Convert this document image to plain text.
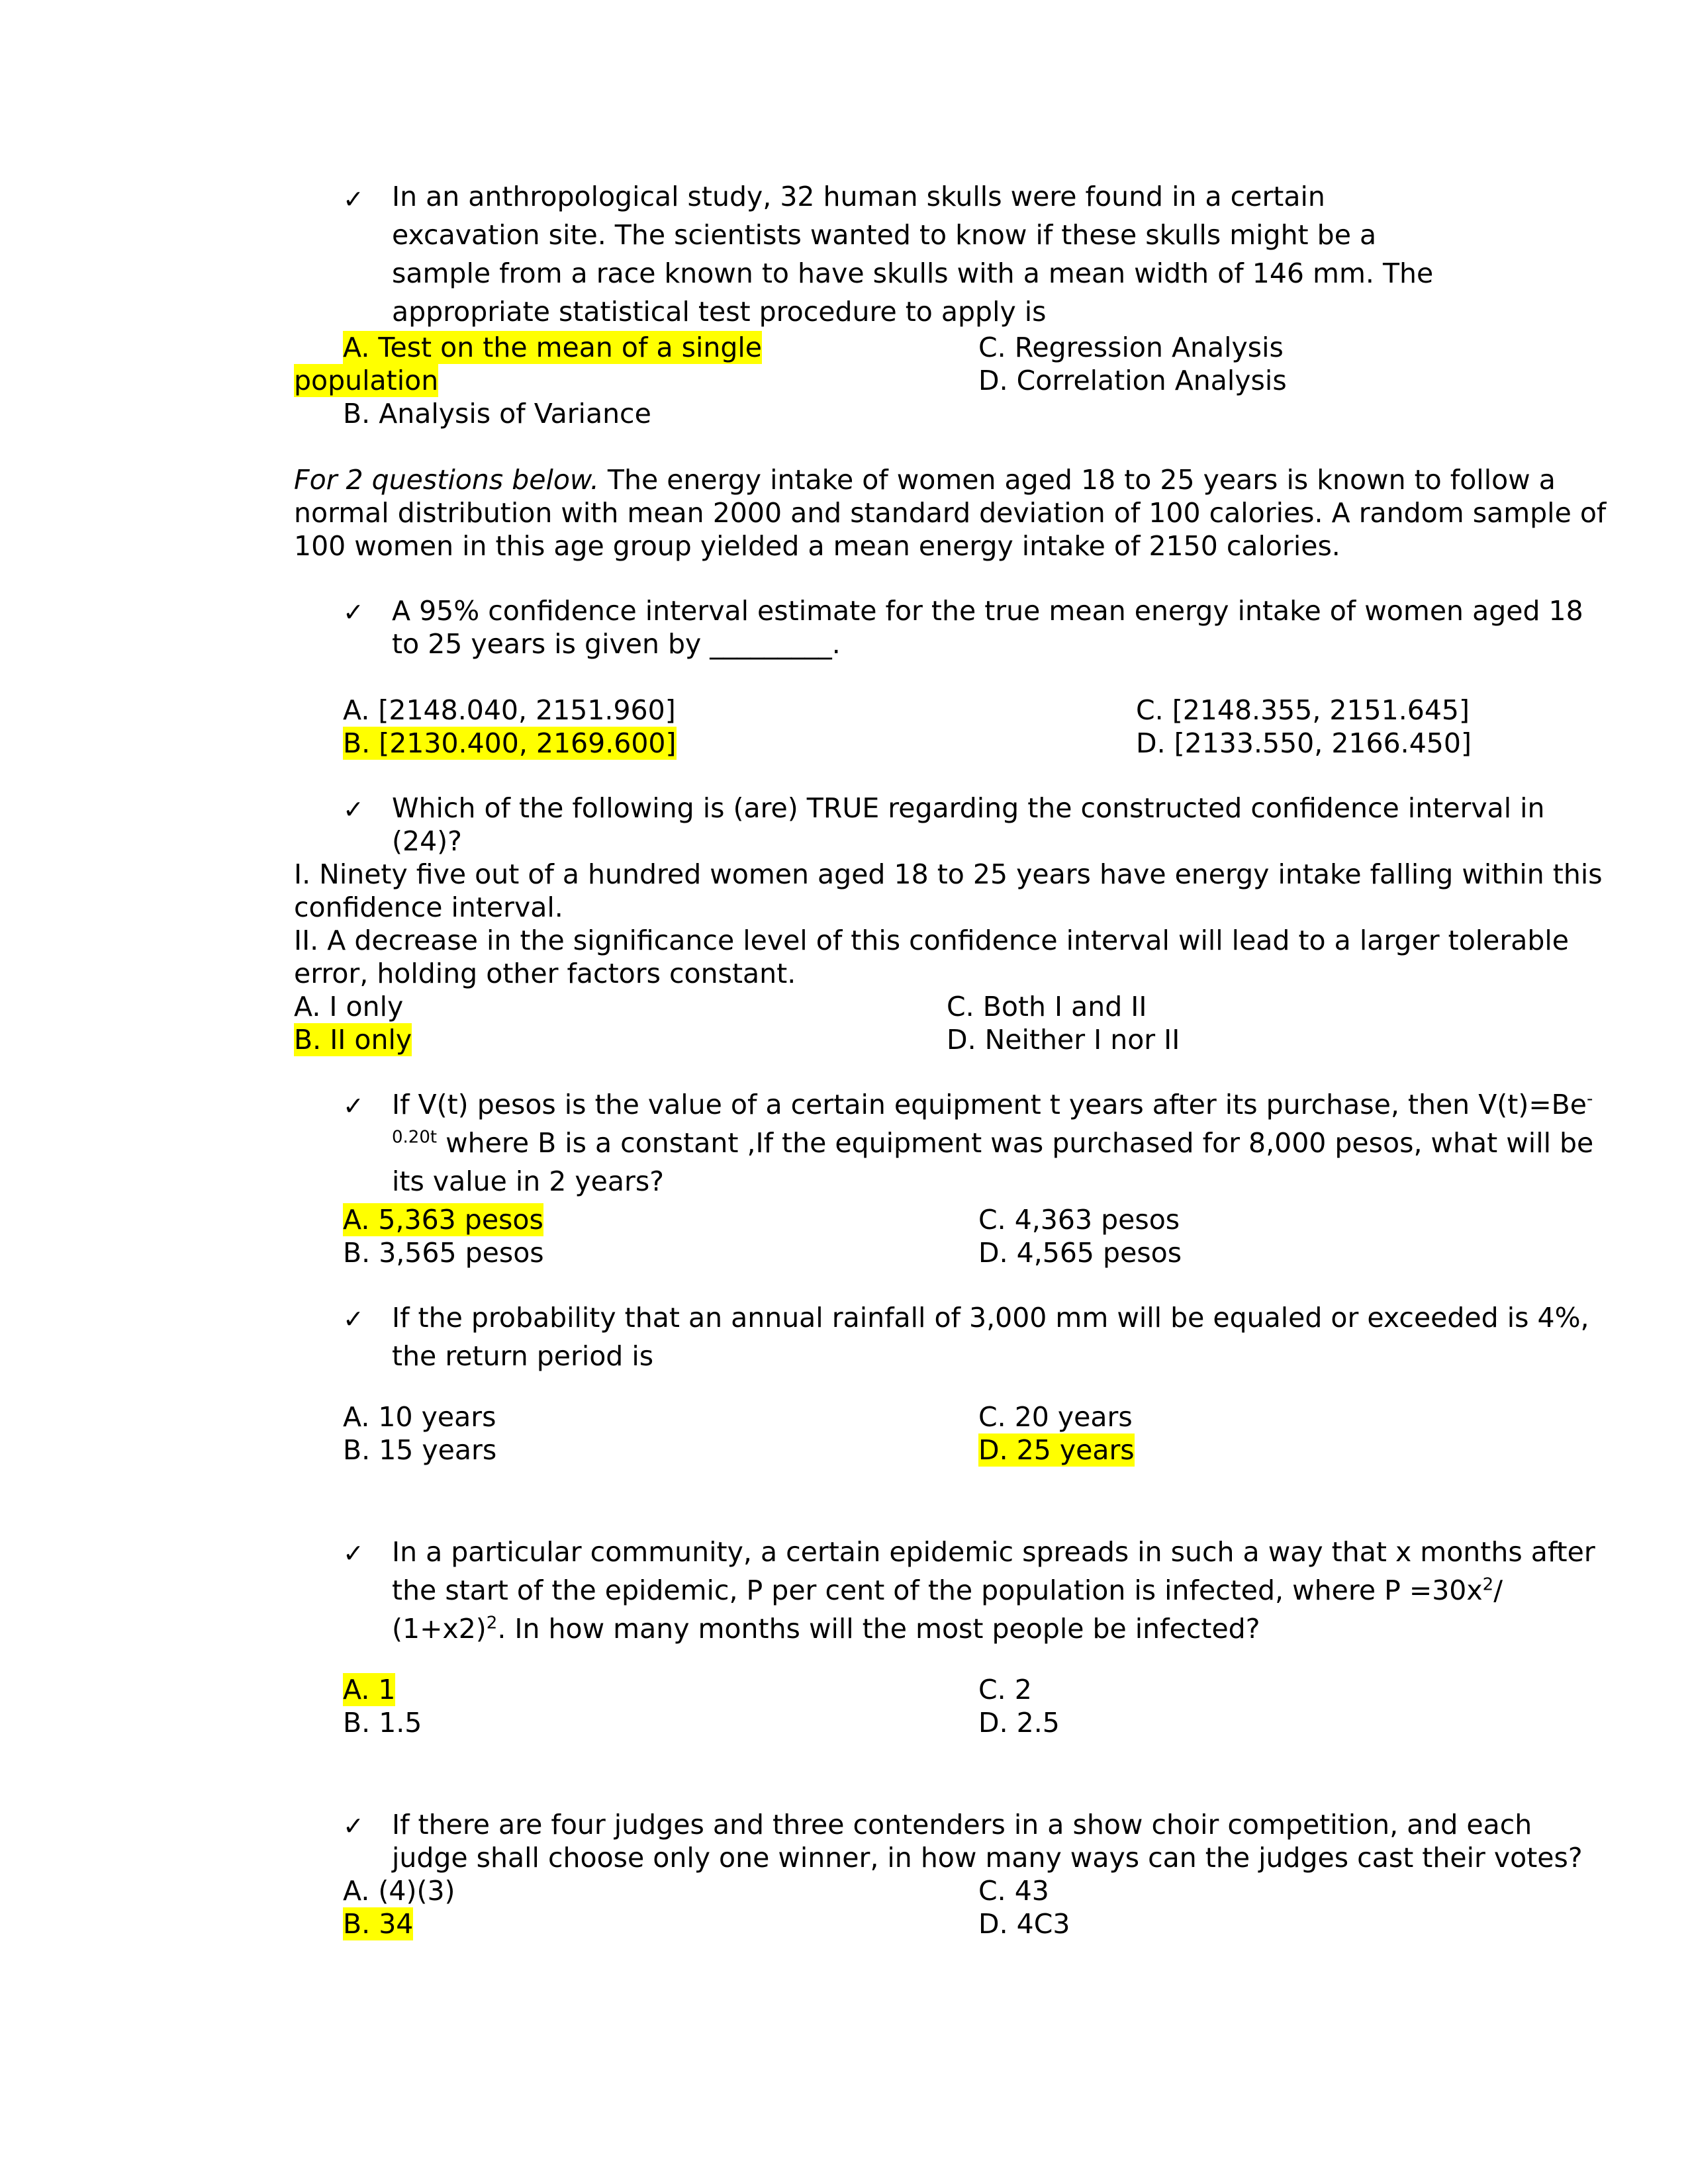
✓ In an anthropological study, 32 human skulls were found in a certain excavation site. The scientists wanted to know if these skulls might be a sample from a race known to have skulls with a mean width of 146 mm. The appropriate statistical test procedure to apply is
A. Test on the mean of a single
population
B. Analysis of Variance
C. Regression Analysis
D. Correlation Analysis
For 2 questions below. The energy intake of women aged 18 to 25 years is known to follow a
normal distribution with mean 2000 and standard deviation of 100 calories. A random sample of
100 women in this age group yielded a mean energy intake of 2150 calories.
✓ A 95% confidence interval estimate for the true mean energy intake of women aged 18
to 25 years is given by _________.
A. [2148.040, 2151.960]
B. [2130.400, 2169.600]
C. [2148.355, 2151.645]
D. [2133.550, 2166.450]
✓ Which of the following is (are) TRUE regarding the constructed confidence interval in
(24)?
I. Ninety five out of a hundred women aged 18 to 25 years have energy intake falling within this
confidence interval.
II. A decrease in the significance level of this confidence interval will lead to a larger tolerable
error, holding other factors constant.
A. I only
B. II only
C. Both I and II
D. Neither I nor II
✓ If V(t) pesos is the value of a certain equipment t years after its purchase, then V(t)=Be-
$^{0.20t}$ where B is a constant ,If the equipment was purchased for 8,000 pesos, what will be
its value in 2 years?
A. 5,363 pesos
B. 3,565 pesos
C. 4,363 pesos
D. 4,565 pesos
✓ If the probability that an annual rainfall of 3,000 mm will be equaled or exceeded is 4%,
the return period is
A. 10 years
B. 15 years
C. 20 years
D. 25 years
✓ In a particular community, a certain epidemic spreads in such a way that x months after
the start of the epidemic, P per cent of the population is infected, where $P =30x^2/$
$(1+x2)^2$. In how many months will the most people be infected?
A. 1
B. 1.5
C. 2
D. 2.5
✓ If there are four judges and three contenders in a show choir competition, and each
judge shall choose only one winner, in how many ways can the judges cast their votes?
A. (4)(3)
B. 34
C. 43
D. 4C3
